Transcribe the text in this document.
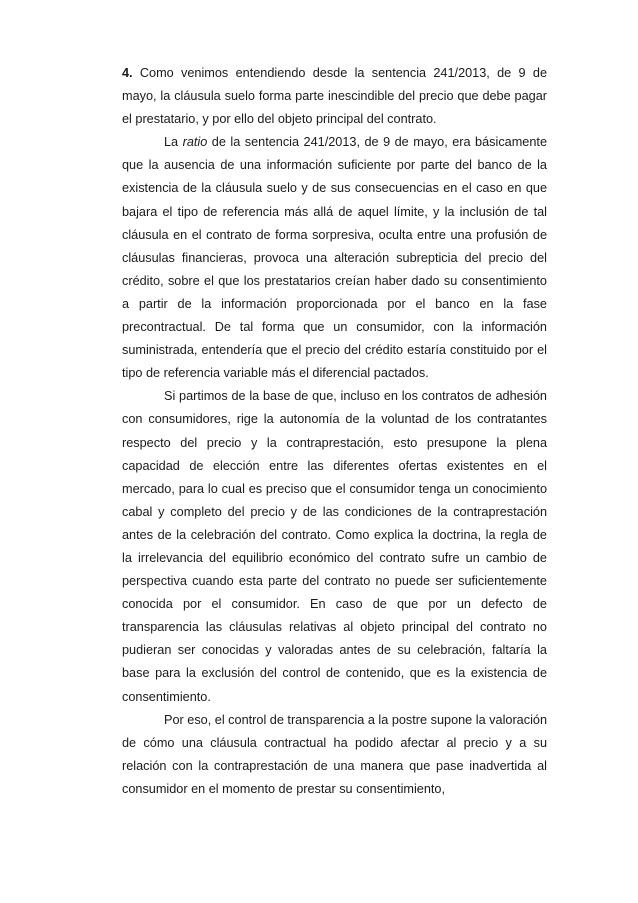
4. Como venimos entendiendo desde la sentencia 241/2013, de 9 de mayo, la cláusula suelo forma parte inescindible del precio que debe pagar el prestatario, y por ello del objeto principal del contrato.

La ratio de la sentencia 241/2013, de 9 de mayo, era básicamente que la ausencia de una información suficiente por parte del banco de la existencia de la cláusula suelo y de sus consecuencias en el caso en que bajara el tipo de referencia más allá de aquel límite, y la inclusión de tal cláusula en el contrato de forma sorpresiva, oculta entre una profusión de cláusulas financieras, provoca una alteración subrepticia del precio del crédito, sobre el que los prestatarios creían haber dado su consentimiento a partir de la información proporcionada por el banco en la fase precontractual. De tal forma que un consumidor, con la información suministrada, entendería que el precio del crédito estaría constituido por el tipo de referencia variable más el diferencial pactados.

Si partimos de la base de que, incluso en los contratos de adhesión con consumidores, rige la autonomía de la voluntad de los contratantes respecto del precio y la contraprestación, esto presupone la plena capacidad de elección entre las diferentes ofertas existentes en el mercado, para lo cual es preciso que el consumidor tenga un conocimiento cabal y completo del precio y de las condiciones de la contraprestación antes de la celebración del contrato. Como explica la doctrina, la regla de la irrelevancia del equilibrio económico del contrato sufre un cambio de perspectiva cuando esta parte del contrato no puede ser suficientemente conocida por el consumidor. En caso de que por un defecto de transparencia las cláusulas relativas al objeto principal del contrato no pudieran ser conocidas y valoradas antes de su celebración, faltaría la base para la exclusión del control de contenido, que es la existencia de consentimiento.

Por eso, el control de transparencia a la postre supone la valoración de cómo una cláusula contractual ha podido afectar al precio y a su relación con la contraprestación de una manera que pase inadvertida al consumidor en el momento de prestar su consentimiento,
